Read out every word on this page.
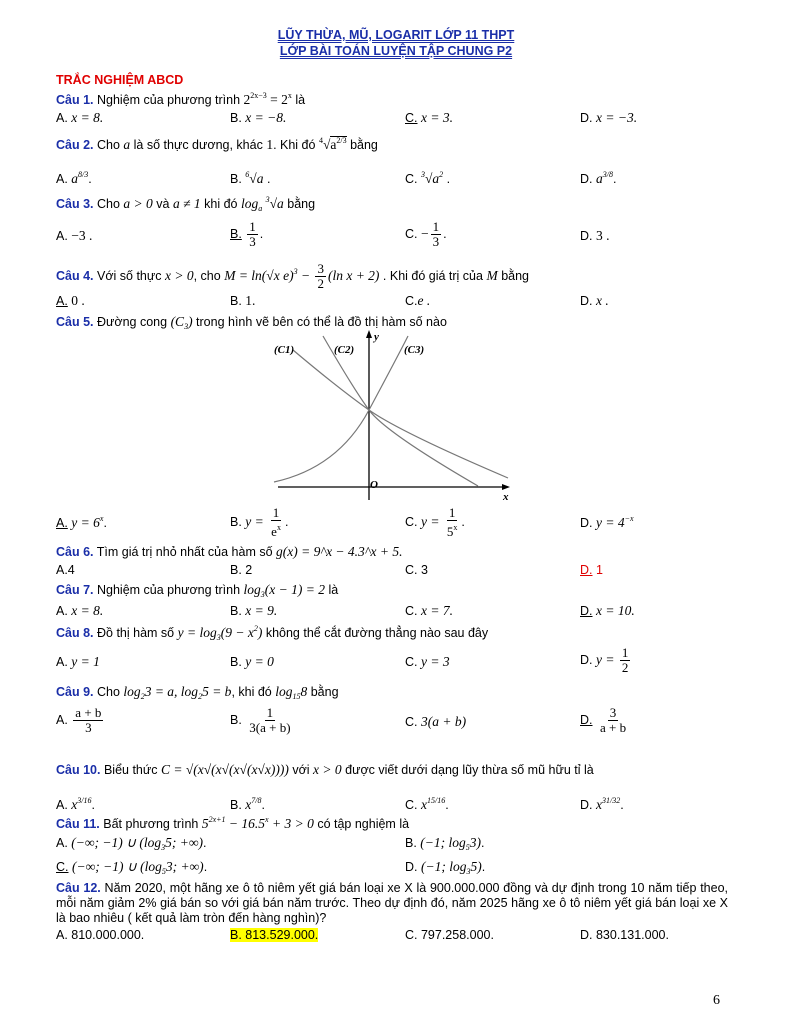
LŨY THỪA, MŨ, LOGARIT LỚP 11 THPT
LỚP BÀI TOÁN LUYỆN TẬP CHUNG P2
TRẮC NGHIỆM ABCD
Câu 1. Nghiệm của phương trình $2^{2x-3} = 2^x$ là
A. x = 8.	B. x = −8.	C. x = 3.	D. x = −3.
Câu 2. Cho a là số thực dương, khác 1. Khi đó $^4√a^{2/3}$ bằng
A. $a^{8/3}$.	B. $^6$√a .	C. $^3√a^2$ .	D. $a^{3/8}$.
Câu 3. Cho a > 0 và a ≠ 1 khi đó $\log_a ^3√a$ bằng
A. −3 .	B. $\frac{1}{3}$ .	C. − $\frac{1}{3}$ .	D. 3 .
Câu 4. Với số thực x > 0, cho M = ln(√x $e)^3 - \frac{3}{2} (\ln$ x + 2) . Khi đó giá trị của M bằng
A. 0 .	B. 1.	C.e .	D. x .
Câu 5. Đường cong $(C_3)$ trong hình vẽ bên có thể là đồ thị hàm số nào
(C1)	(C2)	(C3)
O
x
y
A. $y = 6^x$.	B. $y = \frac{1}{e^x}$ .	C. $y = \frac{1}{5^x}$ .	D. $y = 4^{-x}$
Câu 6. Tìm giá trị nhỏ nhất của hàm số g(x) = 9^x − 4.3^x + 5.
A.4	B. 2	C. 3	D. 1
Câu 7. Nghiệm của phương trình $\log_3(x - 1) = 2$ là
A. x = 8.	B. x = 9.	C. x = 7.	D. x = 10.
Câu 8. Đồ thị hàm số $y = \log_3(9 - x^2)$ không thể cắt đường thẳng nào sau đây
A. y = 1	B. y = 0	C. y = 3	D. $y = \frac{1}{2}$
Câu 9. Cho $\log_23 = a$, $\log_25 = b$, khi đó $\log_{15}8$ bằng
A. $\frac{a + b}{3}$	B. $\frac{1}{3(a + b)}$	C. 3(a + b)	D. $\frac{3}{a + b}$
Câu 10. Biểu thức C = √(x√(x√(x√(x√x)))) với x > 0 được viết dưới dạng lũy thừa số mũ hữu tỉ là
A. $x^{3/16}$.	B. $x^{7/8}$.	C. $x^{15/16}$.	D. $x^{31/32}$.
Câu 11. Bất phương trình $5^{2x+1} - 16.5^x + 3 > 0$ có tập nghiệm là
A. (−∞; −1) ∪ ($\log_35$; +∞).	B. (−1; $\log_53$).
C. (−∞; −1) ∪ ($\log_53$; +∞).	D. (−1; $\log_35$).

Câu 12. Năm 2020, một hãng xe ô tô niêm yết giá bán loại xe X là 900.000.000 đồng và dự định trong 10 năm tiếp theo, mỗi năm giảm 2% giá bán so với giá bán năm trước. Theo dự định đó, năm 2025 hãng xe ô tô niêm yết giá bán loại xe X là bao nhiêu ( kết quả làm tròn đến hàng nghìn)?

A. 810.000.000.	B. 813.529.000.	C. 797.258.000.	D. 830.131.000.
6
